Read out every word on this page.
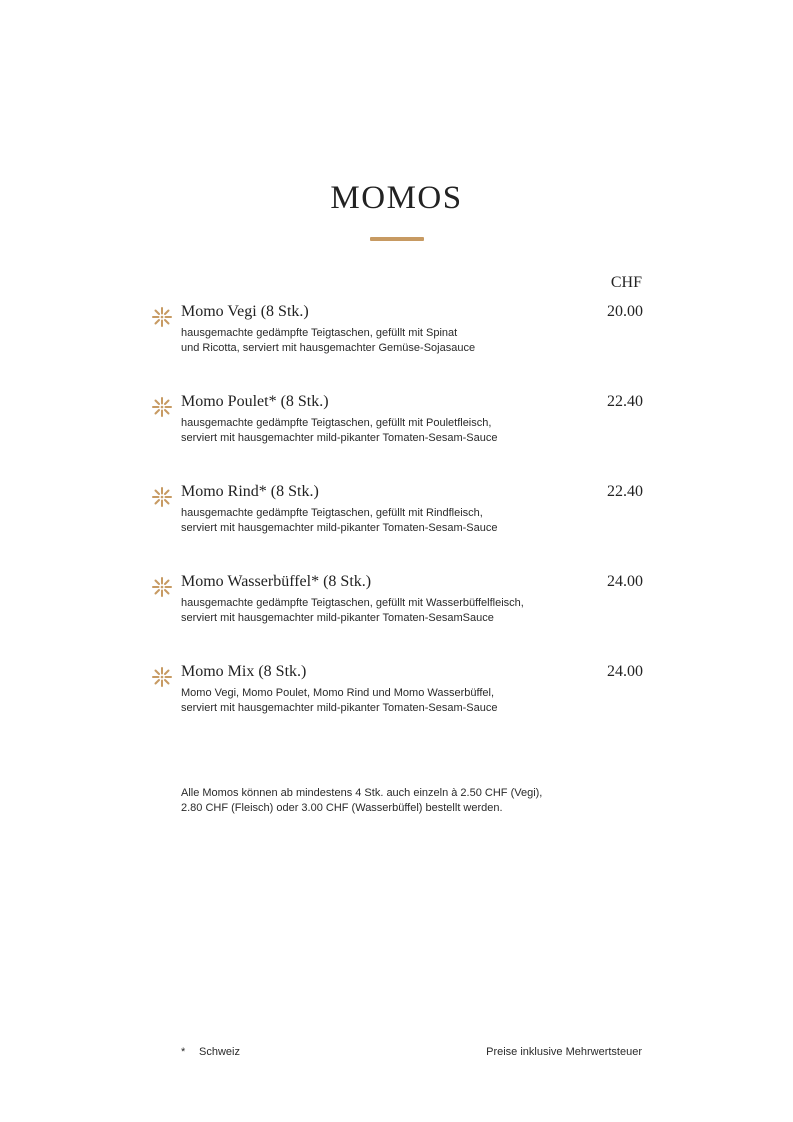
MOMOS
CHF
Momo Vegi (8 Stk.)	20.00
hausgemachte gedämpfte Teigtaschen, gefüllt mit Spinat
und Ricotta, serviert mit hausgemachter Gemüse-Sojasauce
Momo Poulet* (8 Stk.)	22.40
hausgemachte gedämpfte Teigtaschen, gefüllt mit Pouletfleisch,
serviert mit hausgemachter mild-pikanter Tomaten-Sesam-Sauce
Momo Rind* (8 Stk.)	22.40
hausgemachte gedämpfte Teigtaschen, gefüllt mit Rindfleisch,
serviert mit hausgemachter mild-pikanter Tomaten-Sesam-Sauce
Momo Wasserbüffel* (8 Stk.)	24.00
hausgemachte gedämpfte Teigtaschen, gefüllt mit Wasserbüffelfleisch,
serviert mit hausgemachter mild-pikanter Tomaten-SesamSauce
Momo Mix (8 Stk.)	24.00
Momo Vegi, Momo Poulet, Momo Rind und Momo Wasserbüffel,
serviert mit hausgemachter mild-pikanter Tomaten-Sesam-Sauce
Alle Momos können ab mindestens 4 Stk. auch einzeln à 2.50 CHF (Vegi),
2.80 CHF (Fleisch) oder 3.00 CHF (Wasserbüffel) bestellt werden.
* Schweiz	Preise inklusive Mehrwertsteuer
